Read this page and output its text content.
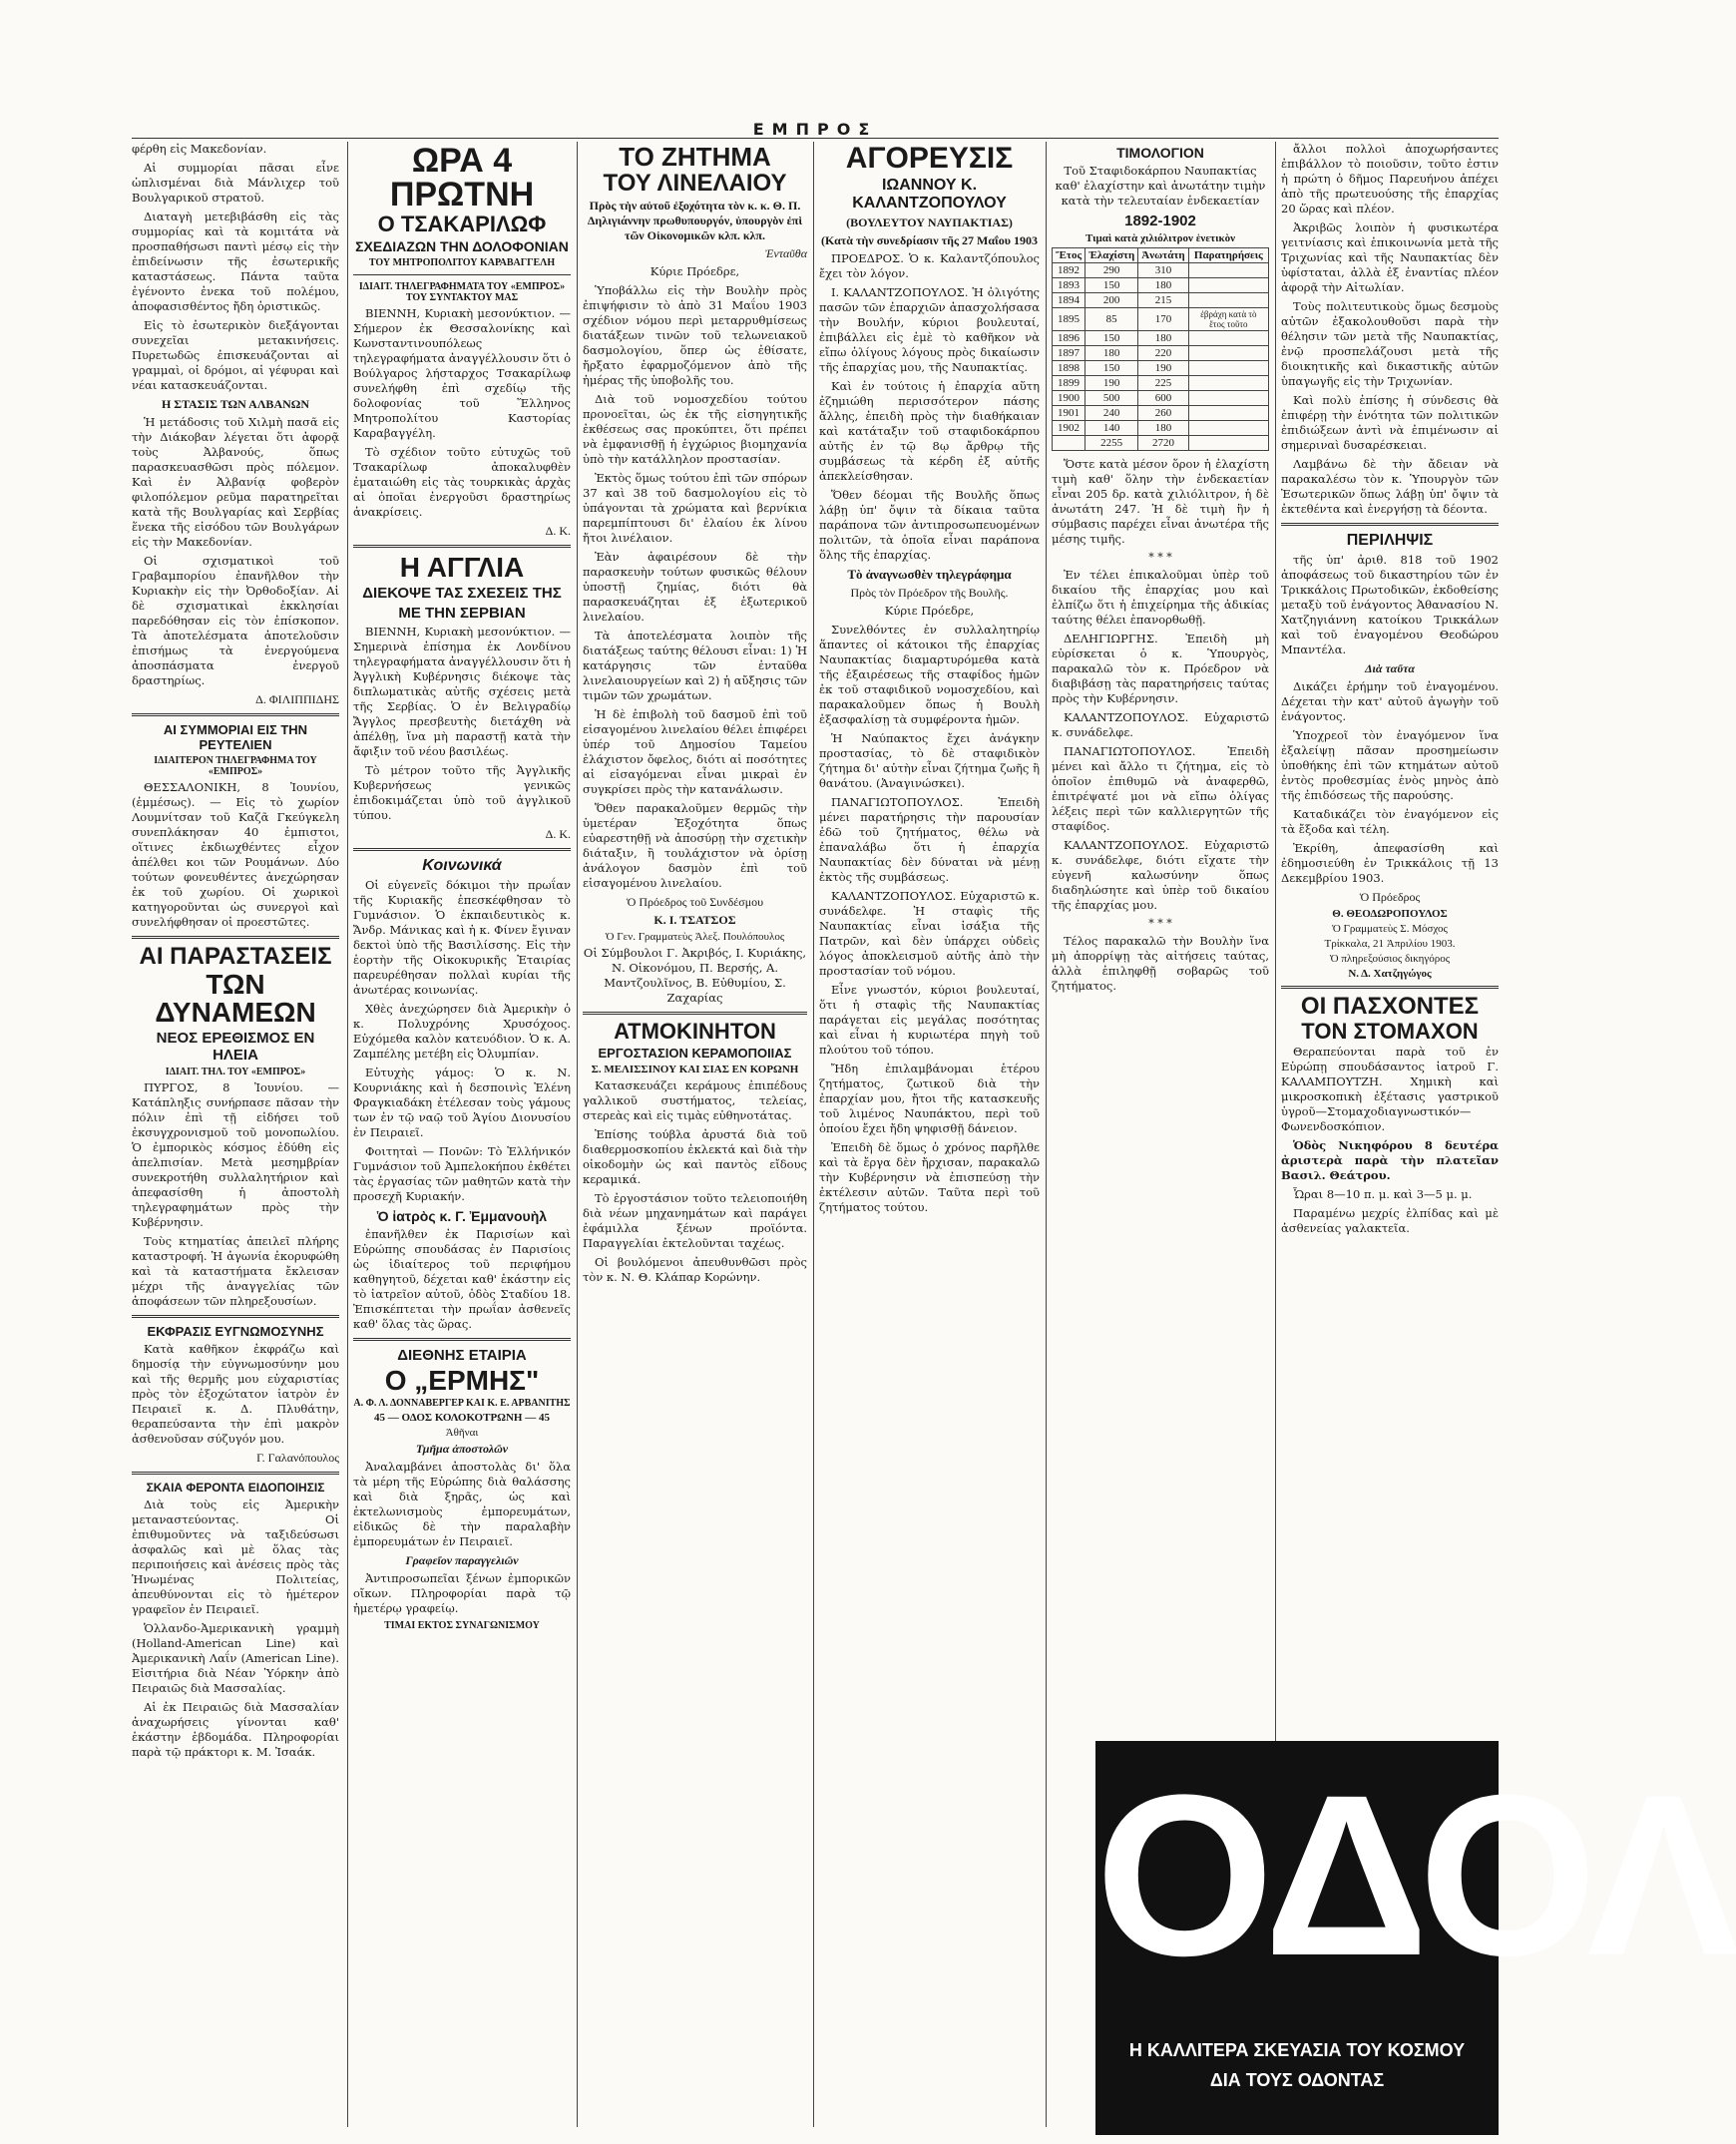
ΕΜΠΡΟΣ

φέρθη εἰς Μακεδονίαν.

Αἱ συμμορίαι πᾶσαι εἶνε ὡπλισμέναι διὰ Μάνλιχερ τοῦ Βουλγαρικοῦ στρατοῦ.

Διαταγὴ μετεβιβάσθη εἰς τὰς συμμορίας καὶ τὰ κομιτάτα νὰ προσπαθήσωσι παντὶ μέσῳ εἰς τὴν ἐπιδείνωσιν τῆς ἐσωτερικῆς καταστάσεως. Πάντα ταῦτα ἐγένοντο ἐνεκα τοῦ πολέμου, ἀποφασισθέντος ἤδη ὁριστικῶς.

Εἰς τὸ ἐσωτερικὸν διεξάγονται συνεχεῖαι μετακινήσεις. Πυρετωδῶς ἐπισκευάζονται αἱ γραμμαὶ, οἱ δρόμοι, αἱ γέφυραι καὶ νέαι κατασκευάζονται.

Η ΣΤΑΣΙΣ ΤΩΝ ΑΛΒΑΝΩΝ

Ἡ μετάδοσις τοῦ Χιλμὴ πασᾶ εἰς τὴν Διάκοβαν λέγεται ὅτι ἀφορᾷ τοὺς Ἀλβανούς, ὅπως παρασκευασθῶσι πρὸς πόλεμον. Καὶ ἐν Ἀλβανίᾳ φοβερὸν φιλοπόλεμον ρεῦμα παρατηρεῖται κατὰ τῆς Βουλγαρίας καὶ Σερβίας ἕνεκα τῆς εἰσόδου τῶν Βουλγάρων εἰς τὴν Μακεδονίαν.

Οἱ σχισματικοὶ τοῦ Γραβαμπορίου ἐπανῆλθον τὴν Κυριακὴν εἰς τὴν Ὀρθοδοξίαν. Αἱ δὲ σχισματικαὶ ἐκκλησίαι παρεδόθησαν εἰς τὸν ἐπίσκοπον. Τὰ ἀποτελέσματα ἀποτελοῦσιν ἐπισήμως τὰ ἐνεργούμενα ἀποσπάσματα ἐνεργοῦ δραστηρίως.

Δ. ΦΙΛΙΠΠΙΔΗΣ
ΑΙ ΣΥΜΜΟΡΙΑΙ ΕΙΣ ΤΗΝ ΡΕΥΤΕΛΙΕΝ
ΙΔΙΑΙΤΕΡΟΝ ΤΗΛΕΓΡΑΦΗΜΑ ΤΟΥ «ΕΜΠΡΟΣ»

ΘΕΣΣΑΛΟΝΙΚΗ, 8 Ἰουνίου, (ἐμμέσως). — Εἰς τὸ χωρίον Λουμνίτσαν τοῦ Καζᾶ Γκεύγκελη συνεπλάκησαν 40 ἐμπιστοι, οἵτινες ἐκδιωχθέντες εἶχον ἀπέλθει κοι τῶν Ρουμάνων. Δύο τούτων φονευθέντες ἀνεχώρησαν ἐκ τοῦ χωρίου. Οἱ χωρικοὶ κατηγοροῦνται ὡς συνεργοὶ καὶ συνελήφθησαν οἱ προεστῶτες.

ΑΙ ΠΑΡΑΣΤΑΣΕΙΣ
ΤΩΝ ΔΥΝΑΜΕΩΝ
ΝΕΟΣ ΕΡΕΘΙΣΜΟΣ ΕΝ ΗΛΕΙΑ
ΙΔΙΑΙΤ. ΤΗΛ. ΤΟΥ «ΕΜΠΡΟΣ»

ΠΥΡΓΟΣ, 8 Ἰουνίου. — Κατάπληξις συνήρπασε πᾶσαν τὴν πόλιν ἐπὶ τῇ εἰδήσει τοῦ ἐκσυγχρονισμοῦ τοῦ μονοπωλίου. Ὁ ἐμπορικὸς κόσμος ἐδύθη εἰς ἀπελπισίαν. Μετὰ μεσημβρίαν συνεκροτήθη συλλαλητήριον καὶ ἀπεφασίσθη ἡ ἀποστολὴ τηλεγραφημάτων πρὸς τὴν Κυβέρνησιν.

Τοὺς κτηματίας ἀπειλεῖ πλήρης καταστροφή. Ἡ ἀγωνία ἐκορυφώθη καὶ τὰ καταστήματα ἔκλεισαν μέχρι τῆς ἀναγγελίας τῶν ἀποφάσεων τῶν πληρεξουσίων.

ΕΚΦΡΑΣΙΣ ΕΥΓΝΩΜΟΣΥΝΗΣ

Κατὰ καθῆκον ἐκφράζω καὶ δημοσίᾳ τὴν εὐγνωμοσύνην μου καὶ τῆς θερμῆς μου εὐχαριστίας πρὸς τὸν ἐξοχώτατον ἰατρὸν ἐν Πειραιεῖ κ. Δ. Πλυθάτην, θεραπεύσαντα τὴν ἐπὶ μακρὸν ἀσθενοῦσαν σύζυγόν μου.

Γ. Γαλανόπουλος
ΣΚΑΙΑ ΦΕΡΟΝΤΑ ΕΙΔΟΠΟΙΗΣΙΣ

Διὰ τοὺς εἰς Ἀμερικὴν μεταναστεύοντας. Οἱ ἐπιθυμοῦντες νὰ ταξιδεύσωσι ἀσφαλῶς καὶ μὲ ὅλας τὰς περιποιήσεις καὶ ἀνέσεις πρὸς τὰς Ἡνωμένας Πολιτείας, ἀπευθύνονται εἰς τὸ ἡμέτερον γραφεῖον ἐν Πειραιεῖ.

Ὁλλανδο-Ἀμερικανικὴ γραμμὴ (Holland-American Line) καὶ Ἀμερικανικὴ Λαΐν (American Line). Εἰσιτήρια διὰ Νέαν Ὑόρκην ἀπὸ Πειραιῶς διὰ Μασσαλίας.

Αἱ ἐκ Πειραιῶς διὰ Μασσαλίαν ἀναχωρήσεις γίνονται καθ' ἑκάστην ἑβδομάδα. Πληροφορίαι παρὰ τῷ πράκτορι κ. Μ. Ἰσαάκ.

ΩΡΑ 4 ΠΡΩΤΝΗ
Ο ΤΣΑΚΑΡΙΛΩΦ
ΣΧΕΔΙΑΖΩΝ ΤΗΝ ΔΟΛΟΦΟΝΙΑΝ
ΤΟΥ ΜΗΤΡΟΠΟΛΙΤΟΥ ΚΑΡΑΒΑΓΓΕΛΗ
ΙΔΙΑΙΤ. ΤΗΛΕΓΡΑΦΗΜΑΤΑ ΤΟΥ «ΕΜΠΡΟΣ» ΤΟΥ ΣΥΝΤΑΚΤΟΥ ΜΑΣ

ΒΙΕΝΝΗ, Κυριακὴ μεσονύκτιον. — Σήμερον ἐκ Θεσσαλονίκης καὶ Κωνσταντινουπόλεως τηλεγραφήματα ἀναγγέλλουσιν ὅτι ὁ Βούλγαρος λήσταρχος Τσακαρίλωφ συνελήφθη ἐπὶ σχεδίῳ τῆς δολοφονίας τοῦ Ἕλληνος Μητροπολίτου Καστορίας Καραβαγγέλη.

Τὸ σχέδιον τοῦτο εὐτυχῶς τοῦ Τσακαρίλωφ ἀποκαλυφθὲν ἐματαιώθη εἰς τὰς τουρκικὰς ἀρχὰς αἱ ὁποῖαι ἐνεργοῦσι δραστηρίως ἀνακρίσεις.

Δ. Κ.
Η ΑΓΓΛΙΑ
ΔΙΕΚΟΨΕ ΤΑΣ ΣΧΕΣΕΙΣ ΤΗΣ
ΜΕ ΤΗΝ ΣΕΡΒΙΑΝ

ΒΙΕΝΝΗ, Κυριακὴ μεσονύκτιον. — Σημερινὰ ἐπίσημα ἐκ Λονδίνου τηλεγραφήματα ἀναγγέλλουσιν ὅτι ἡ Ἀγγλικὴ Κυβέρνησις διέκοψε τὰς διπλωματικὰς αὑτῆς σχέσεις μετὰ τῆς Σερβίας. Ὁ ἐν Βελιγραδίῳ Ἄγγλος πρεσβευτὴς διετάχθη νὰ ἀπέλθῃ, ἵνα μὴ παραστῇ κατὰ τὴν ἄφιξιν τοῦ νέου βασιλέως.

Τὸ μέτρον τοῦτο τῆς Ἀγγλικῆς Κυβερνήσεως γενικῶς ἐπιδοκιμάζεται ὑπὸ τοῦ ἀγγλικοῦ τύπου.

Δ. Κ.
Κοινωνικά

Οἱ εὐγενεῖς δόκιμοι τὴν πρωΐαν τῆς Κυριακῆς ἐπεσκέφθησαν τὸ Γυμνάσιον. Ὁ ἐκπαιδευτικὸς κ. Ἄνδρ. Μάνικας καὶ ἡ κ. Φίνεν ἔγιναν δεκτοὶ ὑπὸ τῆς Βασιλίσσης. Εἰς τὴν ἑορτὴν τῆς Οἰκοκυρικῆς Ἑταιρίας παρευρέθησαν πολλαὶ κυρίαι τῆς ἀνωτέρας κοινωνίας.

Χθὲς ἀνεχώρησεν διὰ Ἀμερικὴν ὁ κ. Πολυχρόνης Χρυσόχοος. Εὐχόμεθα καλὸν κατευόδιον. Ὁ κ. Α. Ζαμπέλης μετέβη εἰς Ὀλυμπίαν.

Εὐτυχὴς γάμος: Ὁ κ. Ν. Κουρνιάκης καὶ ἡ δεσποινὶς Ἑλένη Φραγκιαδάκη ἐτέλεσαν τοὺς γάμους των ἐν τῷ ναῷ τοῦ Ἁγίου Διονυσίου ἐν Πειραιεῖ.

Φοιτηταὶ — Πονῶν: Τὸ Ἑλλήνικόν Γυμνάσιον τοῦ Ἀμπελοκήπου ἐκθέτει τὰς ἐργασίας τῶν μαθητῶν κατὰ τὴν προσεχῆ Κυριακήν.

Ὁ ἰατρὸς κ. Γ. Ἐμμανουὴλ

ἐπανῆλθεν ἐκ Παρισίων καὶ Εὐρώπης σπουδάσας ἐν Παρισίοις ὡς ἰδιαίτερος τοῦ περιφήμου καθηγητοῦ, δέχεται καθ' ἑκάστην εἰς τὸ ἰατρεῖον αὐτοῦ, ὁδὸς Σταδίου 18. Ἐπισκέπτεται τὴν πρωΐαν ἀσθενεῖς καθ' ὅλας τὰς ὥρας.

ΔΙΕΘΝΗΣ ΕΤΑΙΡΙΑ
Ο „ΕΡΜΗΣ"
Α. Φ. Λ. ΔΟΝΝΑΒΕΡΓΕΡ ΚΑΙ Κ. Ε. ΑΡΒΑΝΙΤΗΣ
45 — ΟΔΟΣ ΚΟΛΟΚΟΤΡΩΝΗ — 45
Ἀθῆναι
Τμῆμα ἀποστολῶν

Ἀναλαμβάνει ἀποστολὰς δι' ὅλα τὰ μέρη τῆς Εὐρώπης διὰ θαλάσσης καὶ διὰ ξηρᾶς, ὡς καὶ ἐκτελωνισμοὺς ἐμπορευμάτων, εἰδικῶς δὲ τὴν παραλαβὴν ἐμπορευμάτων ἐν Πειραιεῖ.

Γραφεῖον παραγγελιῶν

Ἀντιπροσωπεῖαι ξένων ἐμπορικῶν οἴκων. Πληροφορίαι παρὰ τῷ ἡμετέρῳ γραφείῳ.

ΤΙΜΑΙ ΕΚΤΟΣ ΣΥΝΑΓΩΝΙΣΜΟΥ
ΤΟ ΖΗΤΗΜΑ
ΤΟΥ ΛΙΝΕΛΑΙΟΥ
Πρὸς τὴν αὐτοῦ ἐξοχότητα τὸν κ. κ. Θ. Π. Δηλιγιάννην πρωθυπουργόν, ὑπουργὸν ἐπὶ τῶν Οἰκονομικῶν κλπ. κλπ.
Ἐνταῦθα

Κύριε Πρόεδρε,

Ὑποβάλλω εἰς τὴν Βουλὴν πρὸς ἐπιψήφισιν τὸ ἀπὸ 31 Μαΐου 1903 σχέδιον νόμου περὶ μεταρρυθμίσεως διατάξεων τινῶν τοῦ τελωνειακοῦ δασμολογίου, ὅπερ ὡς ἐθίσατε, ἤρξατο ἐφαρμοζόμενον ἀπὸ τῆς ἡμέρας τῆς ὑποβολῆς του.

Διὰ τοῦ νομοσχεδίου τούτου προνοεῖται, ὡς ἐκ τῆς εἰσηγητικῆς ἐκθέσεως σας προκύπτει, ὅτι πρέπει νὰ ἐμφανισθῇ ἡ ἐγχώριος βιομηχανία ὑπὸ τὴν κατάλληλον προστασίαν.

Ἐκτὸς ὅμως τούτου ἐπὶ τῶν σπόρων 37 καὶ 38 τοῦ δασμολογίου εἰς τὸ ὑπάγονται τὰ χρώματα καὶ βερνίκια παρεμπίπτουσι δι' ἐλαίου ἐκ λίνου ἤτοι λινέλαιον.

Ἐὰν ἀφαιρέσουν δὲ τὴν παρασκευὴν τούτων φυσικῶς θέλουν ὑποστῇ ζημίας, διότι θὰ παρασκευάζηται ἐξ ἐξωτερικοῦ λινελαίου.

Τὰ ἀποτελέσματα λοιπὸν τῆς διατάξεως ταύτης θέλουσι εἶναι: 1) Ἡ κατάργησις τῶν ἐνταῦθα λινελαιουργείων καὶ 2) ἡ αὔξησις τῶν τιμῶν τῶν χρωμάτων.

Ἡ δὲ ἐπιβολὴ τοῦ δασμοῦ ἐπὶ τοῦ εἰσαγομένου λινελαίου θέλει ἐπιφέρει ὑπέρ τοῦ Δημοσίου Ταμείου ἐλάχιστον ὄφελος, διότι αἱ ποσότητες αἱ εἰσαγόμεναι εἶναι μικραὶ ἐν συγκρίσει πρὸς τὴν κατανάλωσιν.

Ὅθεν παρακαλοῦμεν θερμῶς τὴν ὑμετέραν Ἐξοχότητα ὅπως εὐαρεστηθῇ νὰ ἀποσύρῃ τὴν σχετικὴν διάταξιν, ἢ τουλάχιστον νὰ ὁρίσῃ ἀνάλογον δασμὸν ἐπὶ τοῦ εἰσαγομένου λινελαίου.

Ὁ Πρόεδρος τοῦ Συνδέσμου
Κ. Ι. ΤΣΑΤΣΟΣ
Ὁ Γεν. Γραμματεὺς Ἀλεξ. Πουλόπουλος

Οἱ Σύμβουλοι Γ. Ἀκριβός, Ι. Κυριάκης, Ν. Οἰκονόμου, Π. Βερσής, Α. Μαντζουλῖνος, Β. Εὐθυμίου, Σ. Ζαχαρίας

ΑΤΜΟΚΙΝΗΤΟΝ
ΕΡΓΟΣΤΑΣΙΟΝ ΚΕΡΑΜΟΠΟΙΙΑΣ
Σ. ΜΕΛΙΣΣΙΝΟΥ ΚΑΙ ΣΙΑΣ ΕΝ ΚΟΡΩΝΗ

Κατασκευάζει κεράμους ἐπιπέδους γαλλικοῦ συστήματος, τελείας, στερεὰς καὶ εἰς τιμὰς εὐθηνοτάτας.

Ἐπίσης τούβλα ἀρυστά διὰ τοῦ διαθερμοσκοπίου ἐκλεκτά καὶ διὰ τὴν οἰκοδομὴν ὡς καὶ παντὸς εἴδους κεραμικά.

Τὸ ἐργοστάσιον τοῦτο τελειοποιήθη διὰ νέων μηχανημάτων καὶ παράγει ἐφάμιλλα ξένων προϊόντα. Παραγγελίαι ἐκτελοῦνται ταχέως.

Οἱ βουλόμενοι ἀπευθυνθῶσι πρὸς τὸν κ. Ν. Θ. Κλάπαρ Κορώνην.

ΑΓΟΡΕΥΣΙΣ
ΙΩΑΝΝΟΥ Κ. ΚΑΛΑΝΤΖΟΠΟΥΛΟΥ
(ΒΟΥΛΕΥΤΟΥ ΝΑΥΠΑΚΤΙΑΣ)
(Κατὰ τὴν συνεδρίασιν τῆς 27 Μαΐου 1903

ΠΡΟΕΔΡΟΣ. Ὁ κ. Καλαντζόπουλος ἔχει τὸν λόγον.

Ι. ΚΑΛΑΝΤΖΟΠΟΥΛΟΣ. Ἡ ὀλιγότης πασῶν τῶν ἐπαρχιῶν ἀπασχολήσασα τὴν Βουλήν, κύριοι βουλευταί, ἐπιβάλλει εἰς ἐμὲ τὸ καθῆκον νὰ εἴπω ὀλίγους λόγους πρὸς δικαίωσιν τῆς ἐπαρχίας μου, τῆς Ναυπακτίας.

Καὶ ἐν τούτοις ἡ ἐπαρχία αὕτη ἐζημιώθη περισσότερον πάσης ἄλλης, ἐπειδὴ πρὸς τὴν διαθήκαιαν καὶ κατάταξιν τοῦ σταφιδοκάρπου αὐτῆς ἐν τῷ 8ῳ ἄρθρῳ τῆς συμβάσεως τὰ κέρδη ἐξ αὐτῆς ἀπεκλείσθησαν.

Ὅθεν δέομαι τῆς Βουλῆς ὅπως λάβῃ ὑπ' ὄψιν τὰ δίκαια ταῦτα παράπονα τῶν ἀντιπροσωπευομένων πολιτῶν, τὰ ὁποῖα εἶναι παράπονα ὅλης τῆς ἐπαρχίας.

Τὸ ἀναγνωσθὲν τηλεγράφημα
Πρὸς τὸν Πρόεδρον τῆς Βουλῆς.

Κύριε Πρόεδρε,

Συνελθόντες ἐν συλλαλητηρίῳ ἅπαντες οἱ κάτοικοι τῆς ἐπαρχίας Ναυπακτίας διαμαρτυρόμεθα κατὰ τῆς ἐξαιρέσεως τῆς σταφίδος ἡμῶν ἐκ τοῦ σταφιδικοῦ νομοσχεδίου, καὶ παρακαλοῦμεν ὅπως ἡ Βουλὴ ἐξασφαλίσῃ τὰ συμφέροντα ἡμῶν.

Ἡ Ναύπακτος ἔχει ἀνάγκην προστασίας, τὸ δὲ σταφιδικὸν ζήτημα δι' αὐτὴν εἶναι ζήτημα ζωῆς ἢ θανάτου. (Ἀναγινώσκει).

ΠΑΝΑΓΙΩΤΟΠΟΥΛΟΣ. Ἐπειδὴ μένει παρατήρησις τὴν παρουσίαν ἐδῶ τοῦ ζητήματος, θέλω νὰ ἐπαναλάβω ὅτι ἡ ἐπαρχία Ναυπακτίας δὲν δύναται νὰ μένῃ ἐκτὸς τῆς συμβάσεως.

ΚΑΛΑΝΤΖΟΠΟΥΛΟΣ. Εὐχαριστῶ κ. συνάδελφε. Ἡ σταφὶς τῆς Ναυπακτίας εἶναι ἰσάξια τῆς Πατρῶν, καὶ δὲν ὑπάρχει οὐδεὶς λόγος ἀποκλεισμοῦ αὐτῆς ἀπὸ τὴν προστασίαν τοῦ νόμου.

Εἶνε γνωστόν, κύριοι βουλευταί, ὅτι ἡ σταφὶς τῆς Ναυπακτίας παράγεται εἰς μεγάλας ποσότητας καὶ εἶναι ἡ κυριωτέρα πηγὴ τοῦ πλούτου τοῦ τόπου.

Ἤδη ἐπιλαμβάνομαι ἑτέρου ζητήματος, ζωτικοῦ διὰ τὴν ἐπαρχίαν μου, ἤτοι τῆς κατασκευῆς τοῦ λιμένος Ναυπάκτου, περὶ τοῦ ὁποίου ἔχει ἤδη ψηφισθῇ δάνειον.

Ἐπειδὴ δὲ ὅμως ὁ χρόνος παρῆλθε καὶ τὰ ἔργα δὲν ἤρχισαν, παρακαλῶ τὴν Κυβέρνησιν νὰ ἐπισπεύσῃ τὴν ἐκτέλεσιν αὐτῶν. Ταῦτα περὶ τοῦ ζητήματος τούτου.

ΤΙΜΟΛΟΓΙΟΝ

Τοῦ Σταφιδοκάρπου Ναυπακτίας καθ' ἐλαχίστην καὶ ἀνωτάτην τιμὴν κατὰ τὴν τελευταίαν ἑνδεκαετίαν

1892-1902
Τιμαὶ κατὰ χιλιόλιτρον ἑνετικὸν
Ἔτος	Ἐλαχίστη	Ἀνωτάτη	Παρατηρήσεις
1892	290	310	
1893	150	180	
1894	200	215	
1895	85	170	ἐβράχη κατὰ τὸ ἔτος τοῦτο
1896	150	180	
1897	180	220	
1898	150	190	
1899	190	225	
1900	500	600	
1901	240	260	
1902	140	180	
	2255	2720	

Ὅστε κατὰ μέσον ὅρον ἡ ἐλαχίστη τιμὴ καθ' ὅλην τὴν ἑνδεκαετίαν εἶναι 205 δρ. κατὰ χιλιόλιτρον, ἡ δὲ ἀνωτάτη 247. Ἡ δὲ τιμὴ ἣν ἡ σύμβασις παρέχει εἶναι ἀνωτέρα τῆς μέσης τιμῆς.

* * *

Ἐν τέλει ἐπικαλοῦμαι ὑπὲρ τοῦ δικαίου τῆς ἐπαρχίας μου καὶ ἐλπίζω ὅτι ἡ ἐπιχείρημα τῆς ἀδικίας ταύτης θέλει ἐπανορθωθῇ.

ΔΕΛΗΓΙΩΡΓΗΣ. Ἐπειδὴ μὴ εὑρίσκεται ὁ κ. Ὑπουργὸς, παρακαλῶ τὸν κ. Πρόεδρον νὰ διαβιβάσῃ τὰς παρατηρήσεις ταύτας πρὸς τὴν Κυβέρνησιν.

ΚΑΛΑΝΤΖΟΠΟΥΛΟΣ. Εὐχαριστῶ κ. συνάδελφε.

ΠΑΝΑΓΙΩΤΟΠΟΥΛΟΣ. Ἐπειδὴ μένει καὶ ἄλλο τι ζήτημα, εἰς τὸ ὁποῖον ἐπιθυμῶ νὰ ἀναφερθῶ, ἐπιτρέψατέ μοι νὰ εἴπω ὀλίγας λέξεις περὶ τῶν καλλιεργητῶν τῆς σταφίδος.

ΚΑΛΑΝΤΖΟΠΟΥΛΟΣ. Εὐχαριστῶ κ. συνάδελφε, διότι εἴχατε τὴν εὐγενῆ καλωσύνην ὅπως διαδηλώσητε καὶ ὑπὲρ τοῦ δικαίου τῆς ἐπαρχίας μου.

* * *

Τέλος παρακαλῶ τὴν Βουλὴν ἵνα μὴ ἀπορρίψῃ τὰς αἰτήσεις ταύτας, ἀλλὰ ἐπιληφθῇ σοβαρῶς τοῦ ζητήματος.

ἄλλοι πολλοὶ ἀποχωρήσαντες ἐπιβάλλον τὸ ποιοῦσιν, τοῦτο ἐστιν ἡ πρώτη ὁ δῆμος Παρευήνου ἀπέχει ἀπὸ τῆς πρωτευούσης τῆς ἐπαρχίας 20 ὥρας καὶ πλέον.

Ἀκριβῶς λοιπὸν ἡ φυσικωτέρα γειτνίασις καὶ ἐπικοινωνία μετὰ τῆς Τριχωνίας καὶ τῆς Ναυπακτίας δὲν ὑφίσταται, ἀλλὰ ἐξ ἐναντίας πλέον ἀφορᾷ τὴν Αἰτωλίαν.

Τοὺς πολιτευτικοὺς ὅμως δεσμοὺς αὐτῶν ἐξακολουθοῦσι παρὰ τὴν θέλησιν τῶν μετὰ τῆς Ναυπακτίας, ἐνῷ προσπελάζουσι μετὰ τῆς διοικητικῆς καὶ δικαστικῆς αὐτῶν ὑπαγωγῆς εἰς τὴν Τριχωνίαν.

Καὶ πολὺ ἐπίσης ἡ σύνδεσις θὰ ἐπιφέρῃ τὴν ἑνότητα τῶν πολιτικῶν ἐπιδιώξεων ἀντὶ νὰ ἐπιμένωσιν αἱ σημεριναὶ δυσαρέσκειαι.

Λαμβάνω δὲ τὴν ἄδειαν νὰ παρακαλέσω τὸν κ. Ὑπουργὸν τῶν Ἐσωτερικῶν ὅπως λάβῃ ὑπ' ὄψιν τὰ ἐκτεθέντα καὶ ἐνεργήσῃ τὰ δέοντα.

ΠΕΡΙΛΗΨΙΣ

τῆς ὑπ' ἀριθ. 818 τοῦ 1902 ἀποφάσεως τοῦ δικαστηρίου τῶν ἐν Τρικκάλοις Πρωτοδικῶν, ἐκδοθείσης μεταξὺ τοῦ ἐνάγοντος Ἀθανασίου Ν. Χατζηγιάννη κατοίκου Τρικκάλων καὶ τοῦ ἐναγομένου Θεοδώρου Μπαντέλα.

Διὰ ταῦτα

Δικάζει ἐρήμην τοῦ ἐναγομένου. Δέχεται τὴν κατ' αὐτοῦ ἀγωγὴν τοῦ ἐνάγοντος.

Ὑποχρεοῖ τὸν ἐναγόμενον ἵνα ἐξαλείψῃ πᾶσαν προσημείωσιν ὑποθήκης ἐπὶ τῶν κτημάτων αὐτοῦ ἐντὸς προθεσμίας ἑνὸς μηνὸς ἀπὸ τῆς ἐπιδόσεως τῆς παρούσης.

Καταδικάζει τὸν ἐναγόμενον εἰς τὰ ἔξοδα καὶ τέλη.

Ἐκρίθη, ἀπεφασίσθη καὶ ἐδημοσιεύθη ἐν Τρικκάλοις τῇ 13 Δεκεμβρίου 1903.

Ὁ Πρόεδρος
Θ. ΘΕΟΔΩΡΟΠΟΥΛΟΣ
Ὁ Γραμματεὺς Σ. Μόσχος
Τρίκκαλα, 21 Ἀπριλίου 1903.
Ὁ πληρεξούσιος δικηγόρος
Ν. Δ. Χατζηγώγος
ΟΙ ΠΑΣΧΟΝΤΕΣ
ΤΟΝ ΣΤΟΜΑΧΟΝ

Θεραπεύονται παρὰ τοῦ ἐν Εὐρώπῃ σπουδάσαντος ἰατροῦ Γ. ΚΑΛΑΜΠΟΥΤΖΗ. Χημικὴ καὶ μικροσκοπικὴ ἐξέτασις γαστρικοῦ ὑγροῦ—Στομαχοδιαγνωστικόν—Φωνενδοσκόπιον.

Ὁδὸς Νικηφόρου 8 δευτέρα ἀριστερὰ παρὰ τὴν πλατεῖαν Βασιλ. Θεάτρου.

Ὧραι 8—10 π. μ. καὶ 3—5 μ. μ.

Παραμένω μεχρίς ἐλπίδας καὶ μὲ ἀσθενείας γαλακτεῖα.

ΟΔΟΛ
Η ΚΑΛΛΙΤΕΡΑ ΣΚΕΥΑΣΙΑ ΤΟΥ ΚΟΣΜΟΥ
ΔΙΑ ΤΟΥΣ ΟΔΟΝΤΑΣ
